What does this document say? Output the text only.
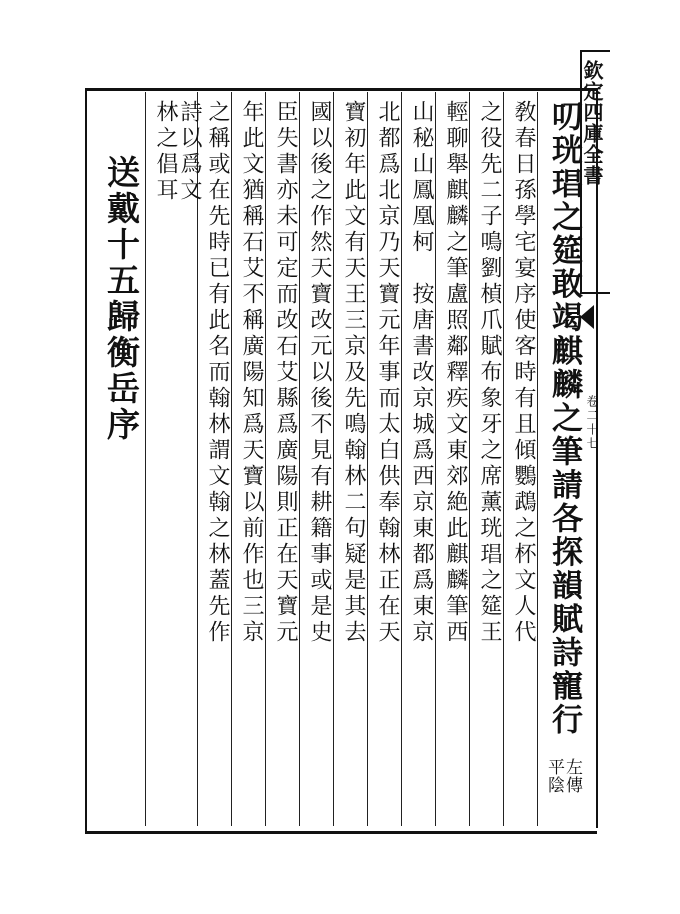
欽定四庫全書
卷二十七
叨珖琩之筵敢竭麒麟之筆請各探韻賦詩寵行
敎春日孫學宅宴序使客時有且傾鸚鵡之杯文人代
之役先二子鳴劉楨爪賦布象牙之席薰珖琩之筵王
輕聊舉麒麟之筆盧照鄰釋疾文東郊絶此麒麟筆西
山秘山鳳凰柯　按唐書改京城爲西京東都爲東京
北都爲北京乃天寶元年事而太白供奉翰林正在天
寶初年此文有天王三京及先鳴翰林二句疑是其去
國以後之作然天寶改元以後不見有耕籍事或是史
臣失書亦未可定而改石艾縣爲廣陽則正在天寶元
年此文猶稱石艾不稱廣陽知爲天寶以前作也三京
之稱或在先時已有此名而翰林謂文翰之林蓋先作
詩以爲文
林之倡耳
送戴十五歸衡岳序
左傳
平陰
